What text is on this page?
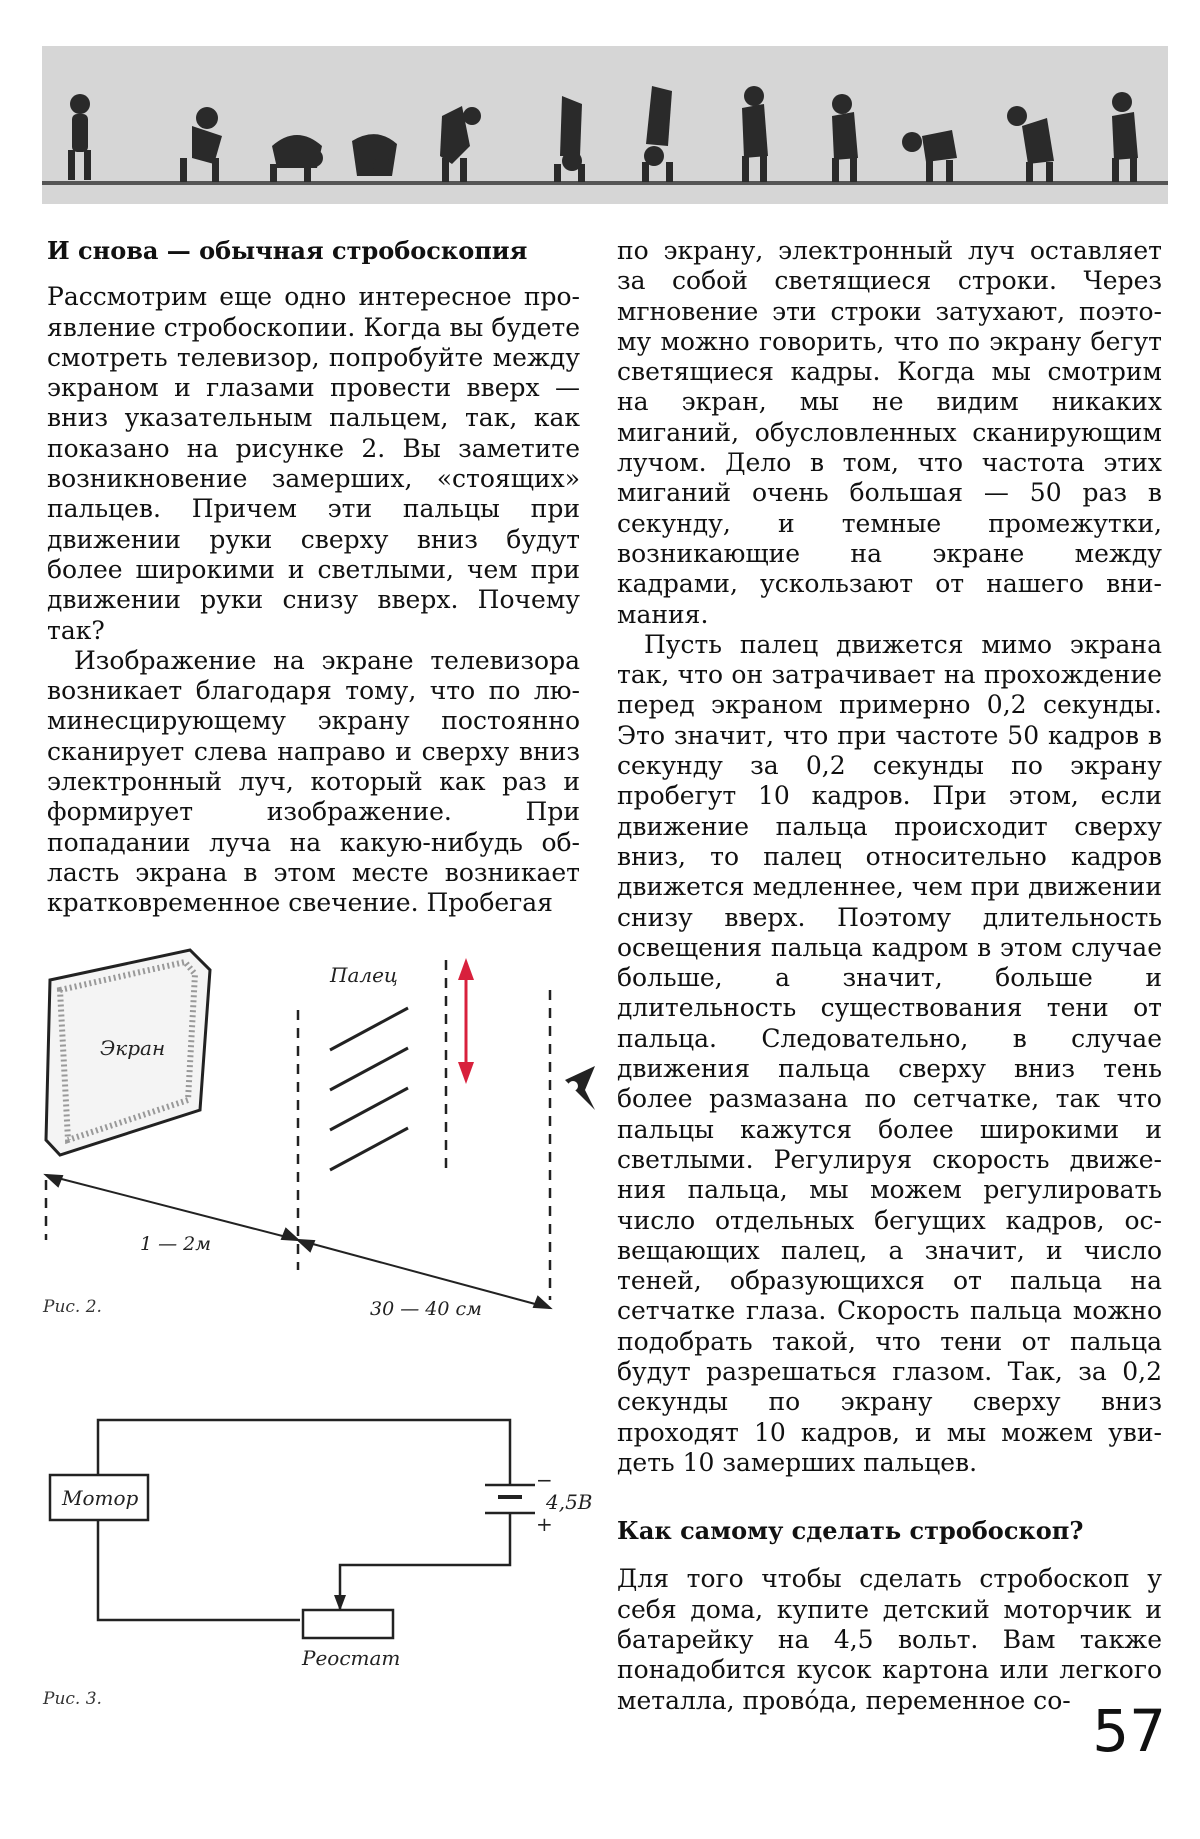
И снова — обычная стробоскопия

Рассмотрим еще одно интересное проявление стробоскопии. Когда вы будете смотреть телевизор, попробуйте между экраном и глазами провести вверх — вниз указательным пальцем, так, как показано на рисунке 2. Вы заметите возникновение замерших, «стоящих» пальцев. Причем эти пальцы при движении руки сверху вниз будут более широкими и светлыми, чем при движении руки снизу вверх. Почему так?

Изображение на экране телевизора возникает благодаря тому, что по люминесцирующему экрану постоянно сканирует слева направо и сверху вниз электронный луч, который как раз и формирует изображение. При попадании луча на какую-нибудь область экрана в этом месте возникает кратковременное свечение. Пробегая

Экран
Палец
1 — 2м
30 — 40 см
Рис. 2.
Мотор
Реостат
−
+
4,5В
Рис. 3.

по экрану, электронный луч оставляет за собой светящиеся строки. Через мгновение эти строки затухают, поэтому можно говорить, что по экрану бегут светящиеся кадры. Когда мы смотрим на экран, мы не видим никаких миганий, обусловленных сканирующим лучом. Дело в том, что частота этих миганий очень большая — 50 раз в секунду, и темные промежутки, возникающие на экране между кадрами, ускользают от нашего внимания.

Пусть палец движется мимо экрана так, что он затрачивает на прохождение перед экраном примерно 0,2 секунды. Это значит, что при частоте 50 кадров в секунду за 0,2 секунды по экрану пробегут 10 кадров. При этом, если движение пальца происходит сверху вниз, то палец относительно кадров движется медленнее, чем при движении снизу вверх. Поэтому длительность освещения пальца кадром в этом случае больше, а значит, больше и длительность существования тени от пальца. Следовательно, в случае движения пальца сверху вниз тень более размазана по сетчатке, так что пальцы кажутся более широкими и светлыми. Регулируя скорость движения пальца, мы можем регулировать число отдельных бегущих кадров, освещающих палец, а значит, и число теней, образующихся от пальца на сетчатке глаза. Скорость пальца можно подобрать такой, что тени от пальца будут разрешаться глазом. Так, за 0,2 секунды по экрану сверху вниз проходят 10 кадров, и мы можем увидеть 10 замерших пальцев.

Как самому сделать стробоскоп?

Для того чтобы сделать стробоскоп у себя дома, купите детский моторчик и батарейку на 4,5 вольт. Вам также понадобится кусок картона или легкого металла, прово́да, переменное со- 57
